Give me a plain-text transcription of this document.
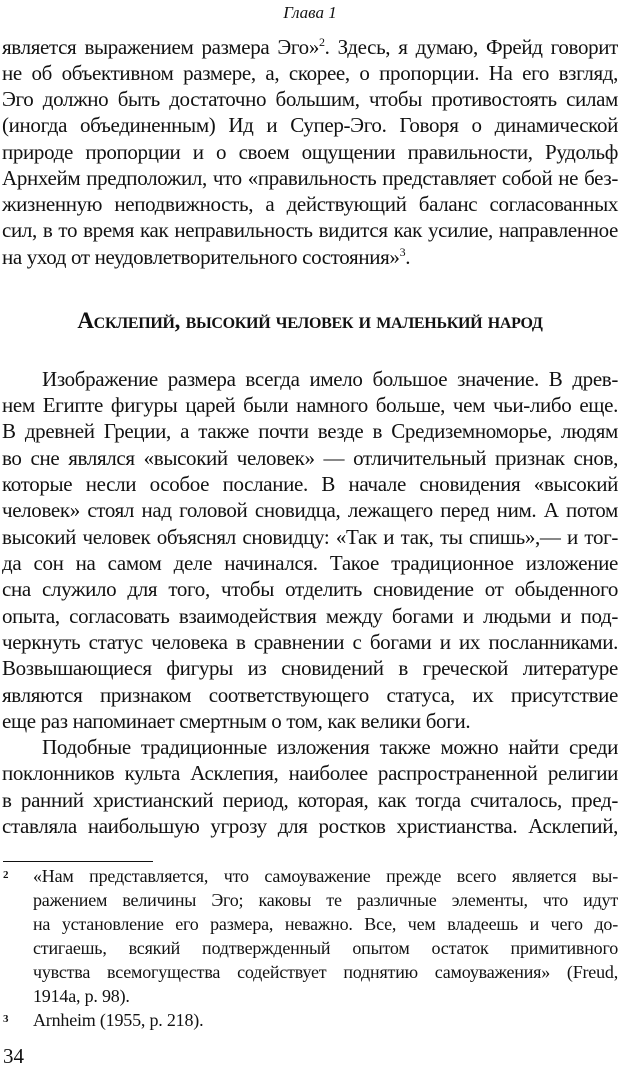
Глава 1
является выражением размера Эго»$^2$. Здесь, я думаю, Фрейд говорит
не об объективном размере, а, скорее, о пропорции. На его взгляд,
Эго должно быть достаточно большим, чтобы противостоять силам
(иногда объединенным) Ид и Супер-Эго. Говоря о динамической
природе пропорции и о своем ощущении правильности, Рудольф
Арнхейм предположил, что «правильность представляет собой не без-
жизненную неподвижность, а действующий баланс согласованных
сил, в то время как неправильность видится как усилие, направленное
на уход от неудовлетворительного состояния»$^3$.
Асклепий, высокий человек и маленький народ
Изображение размера всегда имело большое значение. В древ-
нем Египте фигуры царей были намного больше, чем чьи-либо еще.
В древней Греции, а также почти везде в Средиземноморье, людям
во сне являлся «высокий человек» — отличительный признак снов,
которые несли особое послание. В начале сновидения «высокий
человек» стоял над головой сновидца, лежащего перед ним. А потом
высокий человек объяснял сновидцу: «Так и так, ты спишь»,— и тог-
да сон на самом деле начинался. Такое традиционное изложение
сна служило для того, чтобы отделить сновидение от обыденного
опыта, согласовать взаимодействия между богами и людьми и под-
черкнуть статус человека в сравнении с богами и их посланниками.
Возвышающиеся фигуры из сновидений в греческой литературе
являются признаком соответствующего статуса, их присутствие
еще раз напоминает смертным о том, как велики боги.
Подобные традиционные изложения также можно найти среди
поклонников культа Асклепия, наиболее распространенной религии
в ранний христианский период, которая, как тогда считалось, пред-
ставляла наибольшую угрозу для ростков христианства. Асклепий,
2 «Нам представляется, что самоуважение прежде всего является вы-
ражением величины Эго; каковы те различные элементы, что идут
на установление его размера, неважно. Все, чем владеешь и чего до-
стигаешь, всякий подтвержденный опытом остаток примитивного
чувства всемогущества содействует поднятию самоуважения» (Freud,
1914a, p. 98).
3 Arnheim (1955, p. 218).
34
